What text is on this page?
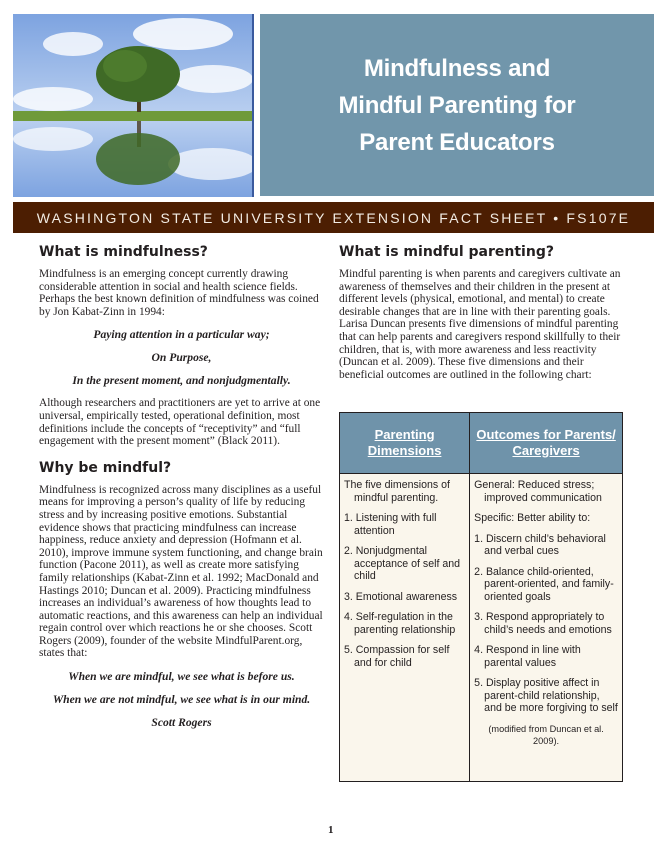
Mindfulness and
Mindful Parenting for
Parent Educators
WASHINGTON STATE UNIVERSITY EXTENSION FACT SHEET • FS107E
What is mindfulness?

Mindfulness is an emerging concept currently drawing considerable attention in social and health science fields. Perhaps the best known definition of mindfulness was coined by Jon Kabat-Zinn in 1994:

Paying attention in a particular way;
On Purpose,
In the present moment, and nonjudgmentally.

Although researchers and practitioners are yet to arrive at one universal, empirically tested, operational definition, most definitions include the concepts of “receptivity” and “full engagement with the present moment” (Black 2011).

Why be mindful?

Mindfulness is recognized across many disciplines as a useful means for improving a person’s quality of life by reducing stress and by increasing positive emotions. Substantial evidence shows that practicing mindfulness can increase happiness, reduce anxiety and depression (Hofmann et al. 2010), improve immune system functioning, and change brain function (Pacone 2011), as well as create more satisfying family relationships (Kabat-Zinn et al. 1992; MacDonald and Hastings 2010; Duncan et al. 2009). Practicing mindfulness increases an individual’s awareness of how thoughts lead to automatic reactions, and this awareness can help an individual regain control over which reactions he or she chooses. Scott Rogers (2009), founder of the website MindfulParent.org, states that:

When we are mindful, we see what is before us.
When we are not mindful, we see what is in our mind.
Scott Rogers
What is mindful parenting?

Mindful parenting is when parents and caregivers cultivate an awareness of themselves and their children in the present at different levels (physical, emotional, and mental) to create desirable changes that are in line with their parenting goals. Larisa Duncan presents five dimensions of mindful parenting that can help parents and caregivers respond skillfully to their children, that is, with more awareness and less reactivity (Duncan et al. 2009). These five dimensions and their beneficial outcomes are outlined in the following chart:

Parenting Dimensions	Outcomes for Parents/ Caregivers

The five dimensions of mindful parenting.
1. Listening with full attention
2. Nonjudgmental acceptance of self and child
3. Emotional awareness
4. Self-regulation in the parenting relationship
5. Compassion for self and for child

General: Reduced stress; improved communication
Specific: Better ability to:
1. Discern child’s behavioral and verbal cues
2. Balance child-oriented, parent-oriented, and family-oriented goals
3. Respond appropriately to child’s needs and emotions
4. Respond in line with parental values
5. Display positive affect in parent-child relationship, and be more forgiving to self
(modified from Duncan et al. 2009).
1
